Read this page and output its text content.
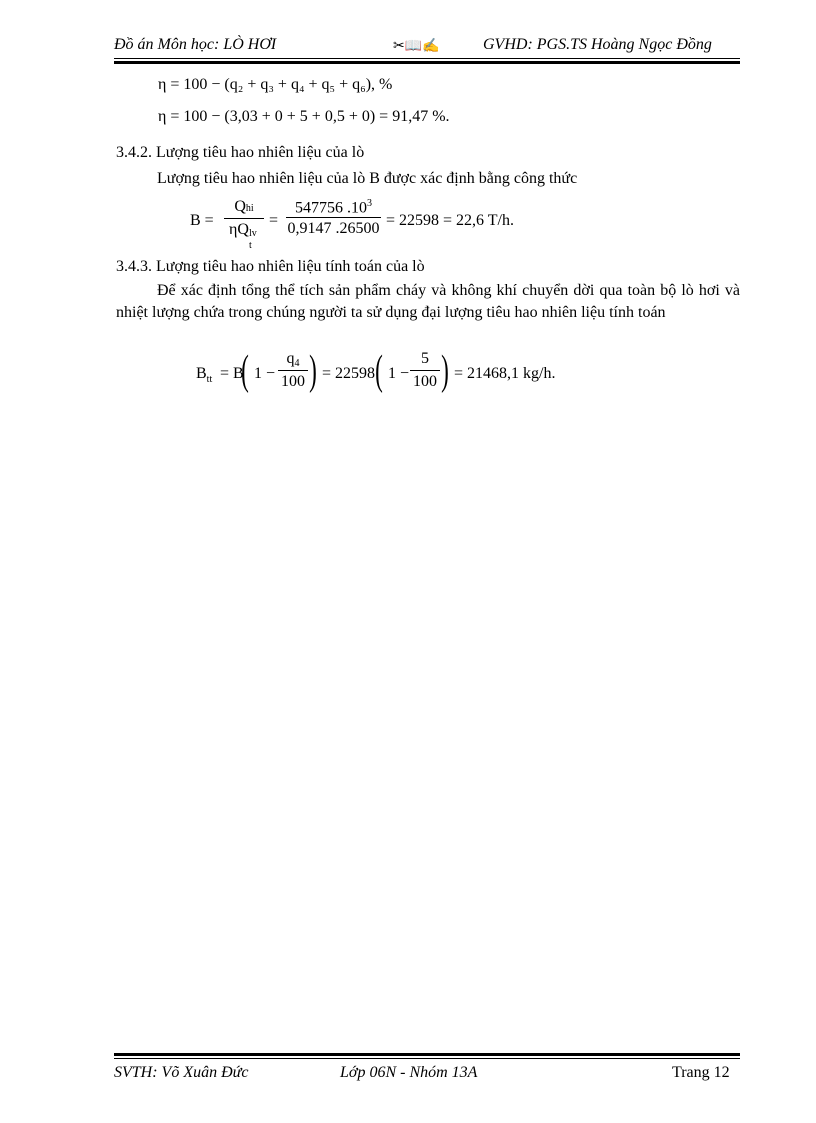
Đồ án Môn học: LÒ HƠI	✂📖✍	GVHD: PGS.TS Hoàng Ngọc Đồng
η = 100 − (q₂ + q₃ + q₄ + q₅ + q₆), %
η = 100 − (3,03 + 0 + 5 + 0,5 + 0) = 91,47 %.
3.4.2. Lượng tiêu hao nhiên liệu của lò
Lượng tiêu hao nhiên liệu của lò B được xác định bằng công thức
B =
Qhi
ηQ lv
t
= $\frac{547756 .10^3}{0,9147 .26500} = 22598 = 22,6$ T/h.
3.4.3. Lượng tiêu hao nhiên liệu tính toán của lò
Để xác định tổng thể tích sản phẩm cháy và không khí chuyển dời qua toàn bộ lò hơi và nhiệt lượng chứa trong chúng người ta sử dụng đại lượng tiêu hao nhiên liệu tính toán
$B_{tt} = B$
( $1 - \frac{q4}{100}$ ) = 22598 ( $1 - \frac{5}{100}$ ) = 21468,1 kg/h.
SVTH: Võ Xuân Đức	Lớp 06N - Nhóm 13A	Trang 12
